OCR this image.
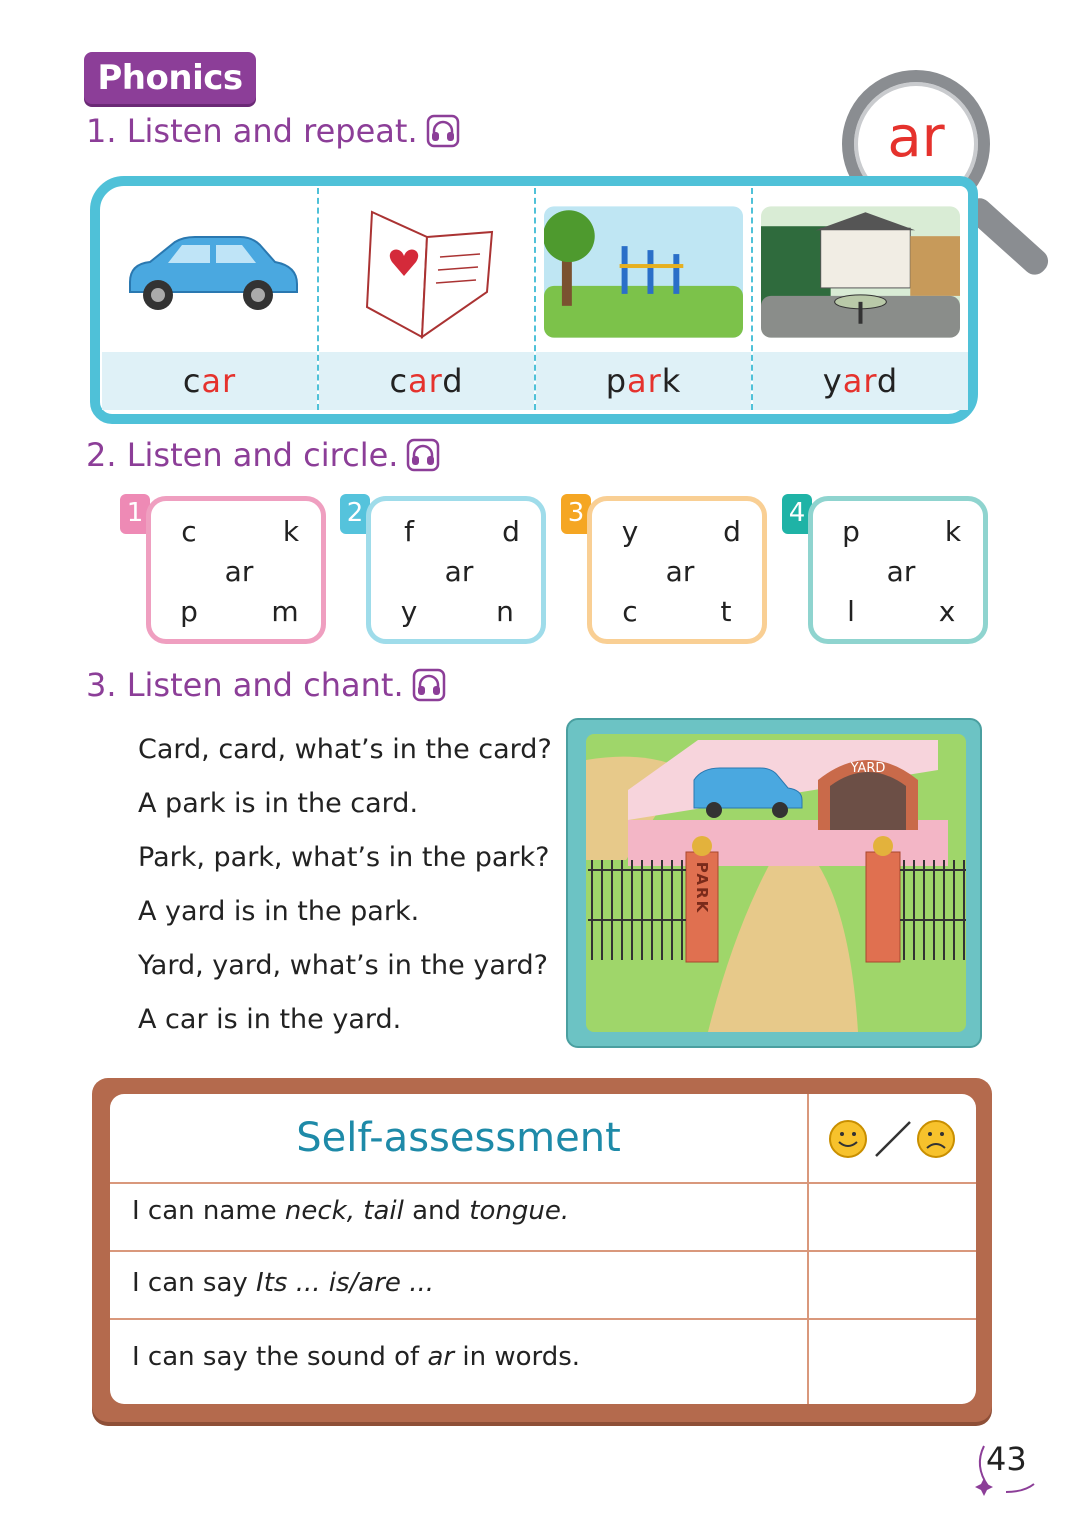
Phonics
ar
1. Listen and repeat.
car	card	park	yard
2. Listen and circle.
1
c	k
ar
p	m
2
f	d
ar
y	n
3
y	d
ar
c	t
4
p	k
ar
l	x
3. Listen and chant.
Card, card, what’s in the card?
A park is in the card.
Park, park, what’s in the park?
A yard is in the park.
Yard, yard, what’s in the yard?
A car is in the yard.
YARD
PARK
Self-assessment
I can name neck, tail and tongue.
I can say Its ... is/are ...
I can say the sound of ar in words.
43
